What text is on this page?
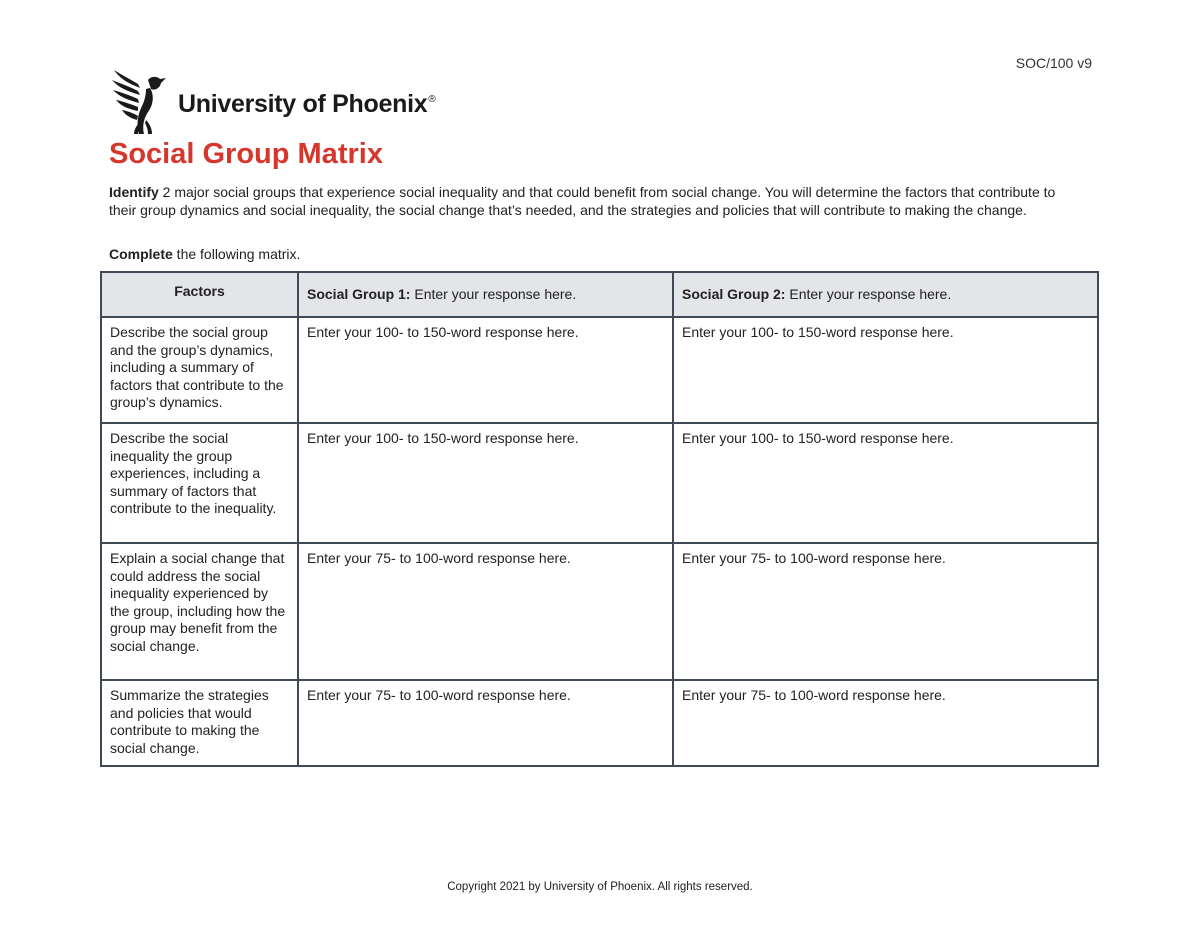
SOC/100 v9
University of Phoenix®
Social Group Matrix

Identify 2 major social groups that experience social inequality and that could benefit from social change. You will determine the factors that contribute to their group dynamics and social inequality, the social change that’s needed, and the strategies and policies that will contribute to making the change.

Complete the following matrix.

Factors	Social Group 1: Enter your response here.	Social Group 2: Enter your response here.
Describe the social group and the group’s dynamics, including a summary of factors that contribute to the group’s dynamics.	Enter your 100- to 150-word response here.	Enter your 100- to 150-word response here.
Describe the social inequality the group experiences, including a summary of factors that contribute to the inequality.	Enter your 100- to 150-word response here.	Enter your 100- to 150-word response here.
Explain a social change that could address the social inequality experienced by the group, including how the group may benefit from the social change.	Enter your 75- to 100-word response here.	Enter your 75- to 100-word response here.
Summarize the strategies and policies that would contribute to making the social change.	Enter your 75- to 100-word response here.	Enter your 75- to 100-word response here.
Copyright 2021 by University of Phoenix. All rights reserved.
